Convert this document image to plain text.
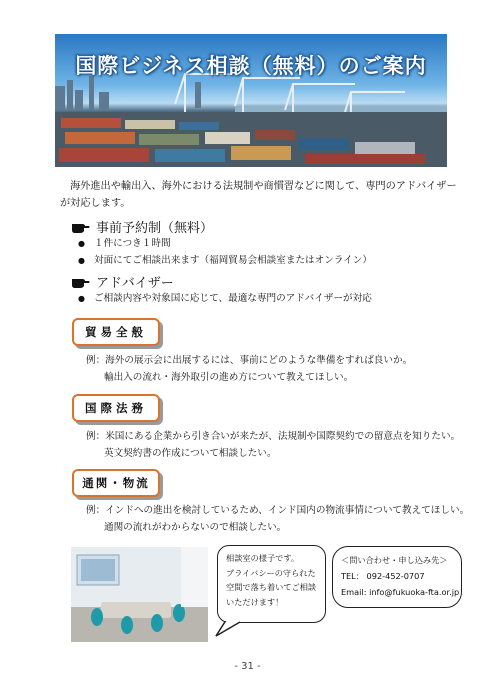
国際ビジネス相談（無料）のご案内
海外進出や輸出入、海外における法規制や商慣習などに関して、専門のアドバイザーが対応します。
事前予約制（無料）
● １件につき１時間
● 対面にてご相談出来ます（福岡貿易会相談室またはオンライン）
アドバイザー
● ご相談内容や対象国に応じて、最適な専門のアドバイザーが対応
貿易全般
例：海外の展示会に出展するには、事前にどのような準備をすれば良いか。
輸出入の流れ・海外取引の進め方について教えてほしい。
国際法務
例：米国にある企業から引き合いが来たが、法規制や国際契約での留意点を知りたい。
英文契約書の作成について相談したい。
通関・物流
例：インドへの進出を検討しているため、インド国内の物流事情について教えてほしい。
通関の流れがわからないので相談したい。
相談室の様子です。
プライバシーの守られた
空間で落ち着いてご相談
いただけます！
＜問い合わせ・申し込み先＞
TEL： 092-452-0707
Email: info@fukuoka-fta.or.jp
- 31 -
